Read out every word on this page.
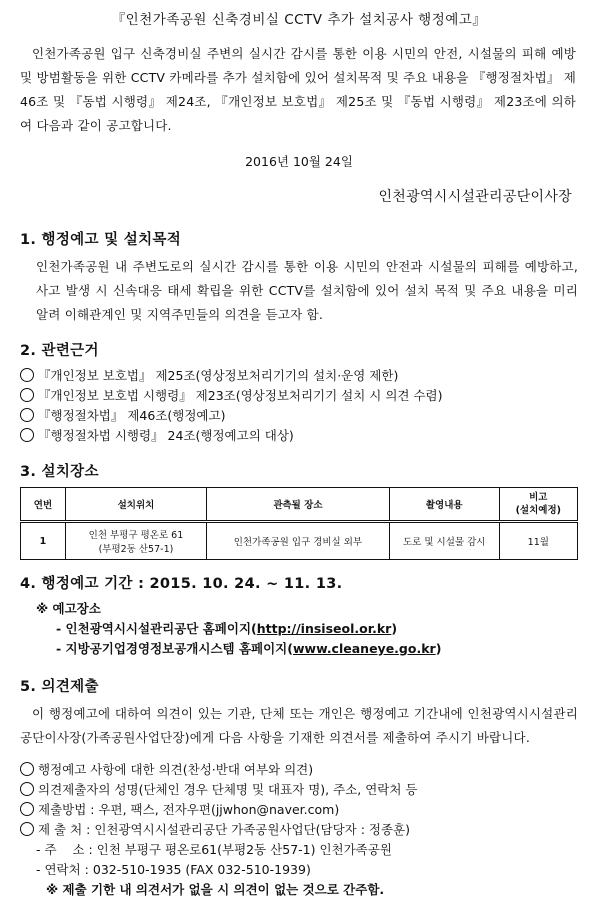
『인천가족공원 신축경비실 CCTV 추가 설치공사 행정예고』
인천가족공원 입구 신축경비실 주변의 실시간 감시를 통한 이용 시민의 안전, 시설물의 피해 예방 및 방범활동을 위한 CCTV 카메라를 추가 설치함에 있어 설치목적 및 주요 내용을 『행정절차법』 제46조 및 『동법 시행령』 제24조, 『개인정보 보호법』 제25조 및 『동법 시행령』 제23조에 의하여 다음과 같이 공고합니다.
2016년 10월 24일
인천광역시시설관리공단이사장
1. 행정예고 및 설치목적
인천가족공원 내 주변도로의 실시간 감시를 통한 이용 시민의 안전과 시설물의 피해를 예방하고, 사고 발생 시 신속대응 태세 확립을 위한 CCTV를 설치함에 있어 설치 목적 및 주요 내용을 미리 알려 이해관계인 및 지역주민들의 의견을 듣고자 함.
2. 관련근거
『개인정보 보호법』 제25조(영상정보처리기기의 설치·운영 제한)
『개인정보 보호법 시행령』 제23조(영상정보처리기기 설치 시 의견 수렴)
『행정절차법』 제46조(행정예고)
『행정절차법 시행령』 24조(행정예고의 대상)
3. 설치장소
연번	설치위치	관측될 장소	촬영내용	비고
(설치예정)
1	인천 부평구 평온로 61
(부평2동 산57-1)	인천가족공원 입구 경비실 외부	도로 및 시설물 감시	11월
4. 행정예고 기간 : 2015. 10. 24. ~ 11. 13.
※ 예고장소
- 인천광역시시설관리공단 홈페이지(http://insiseol.or.kr)
- 지방공기업경영정보공개시스템 홈페이지(www.cleaneye.go.kr)
5. 의견제출
이 행정예고에 대하여 의견이 있는 기관, 단체 또는 개인은 행정예고 기간내에 인천광역시시설관리공단이사장(가족공원사업단장)에게 다음 사항을 기재한 의견서를 제출하여 주시기 바랍니다.
행정예고 사항에 대한 의견(찬성·반대 여부와 의견)
의견제출자의 성명(단체인 경우 단체명 및 대표자 명), 주소, 연락처 등
제출방법 : 우편, 팩스, 전자우편(jjwhon@naver.com)
제 출 처 : 인천광역시시설관리공단 가족공원사업단(담당자 : 정종훈)
- 주    소 : 인천 부평구 평온로61(부평2동 산57-1) 인천가족공원
- 연락처 : 032-510-1935 (FAX 032-510-1939)
※ 제출 기한 내 의견서가 없을 시 의견이 없는 것으로 간주함.
